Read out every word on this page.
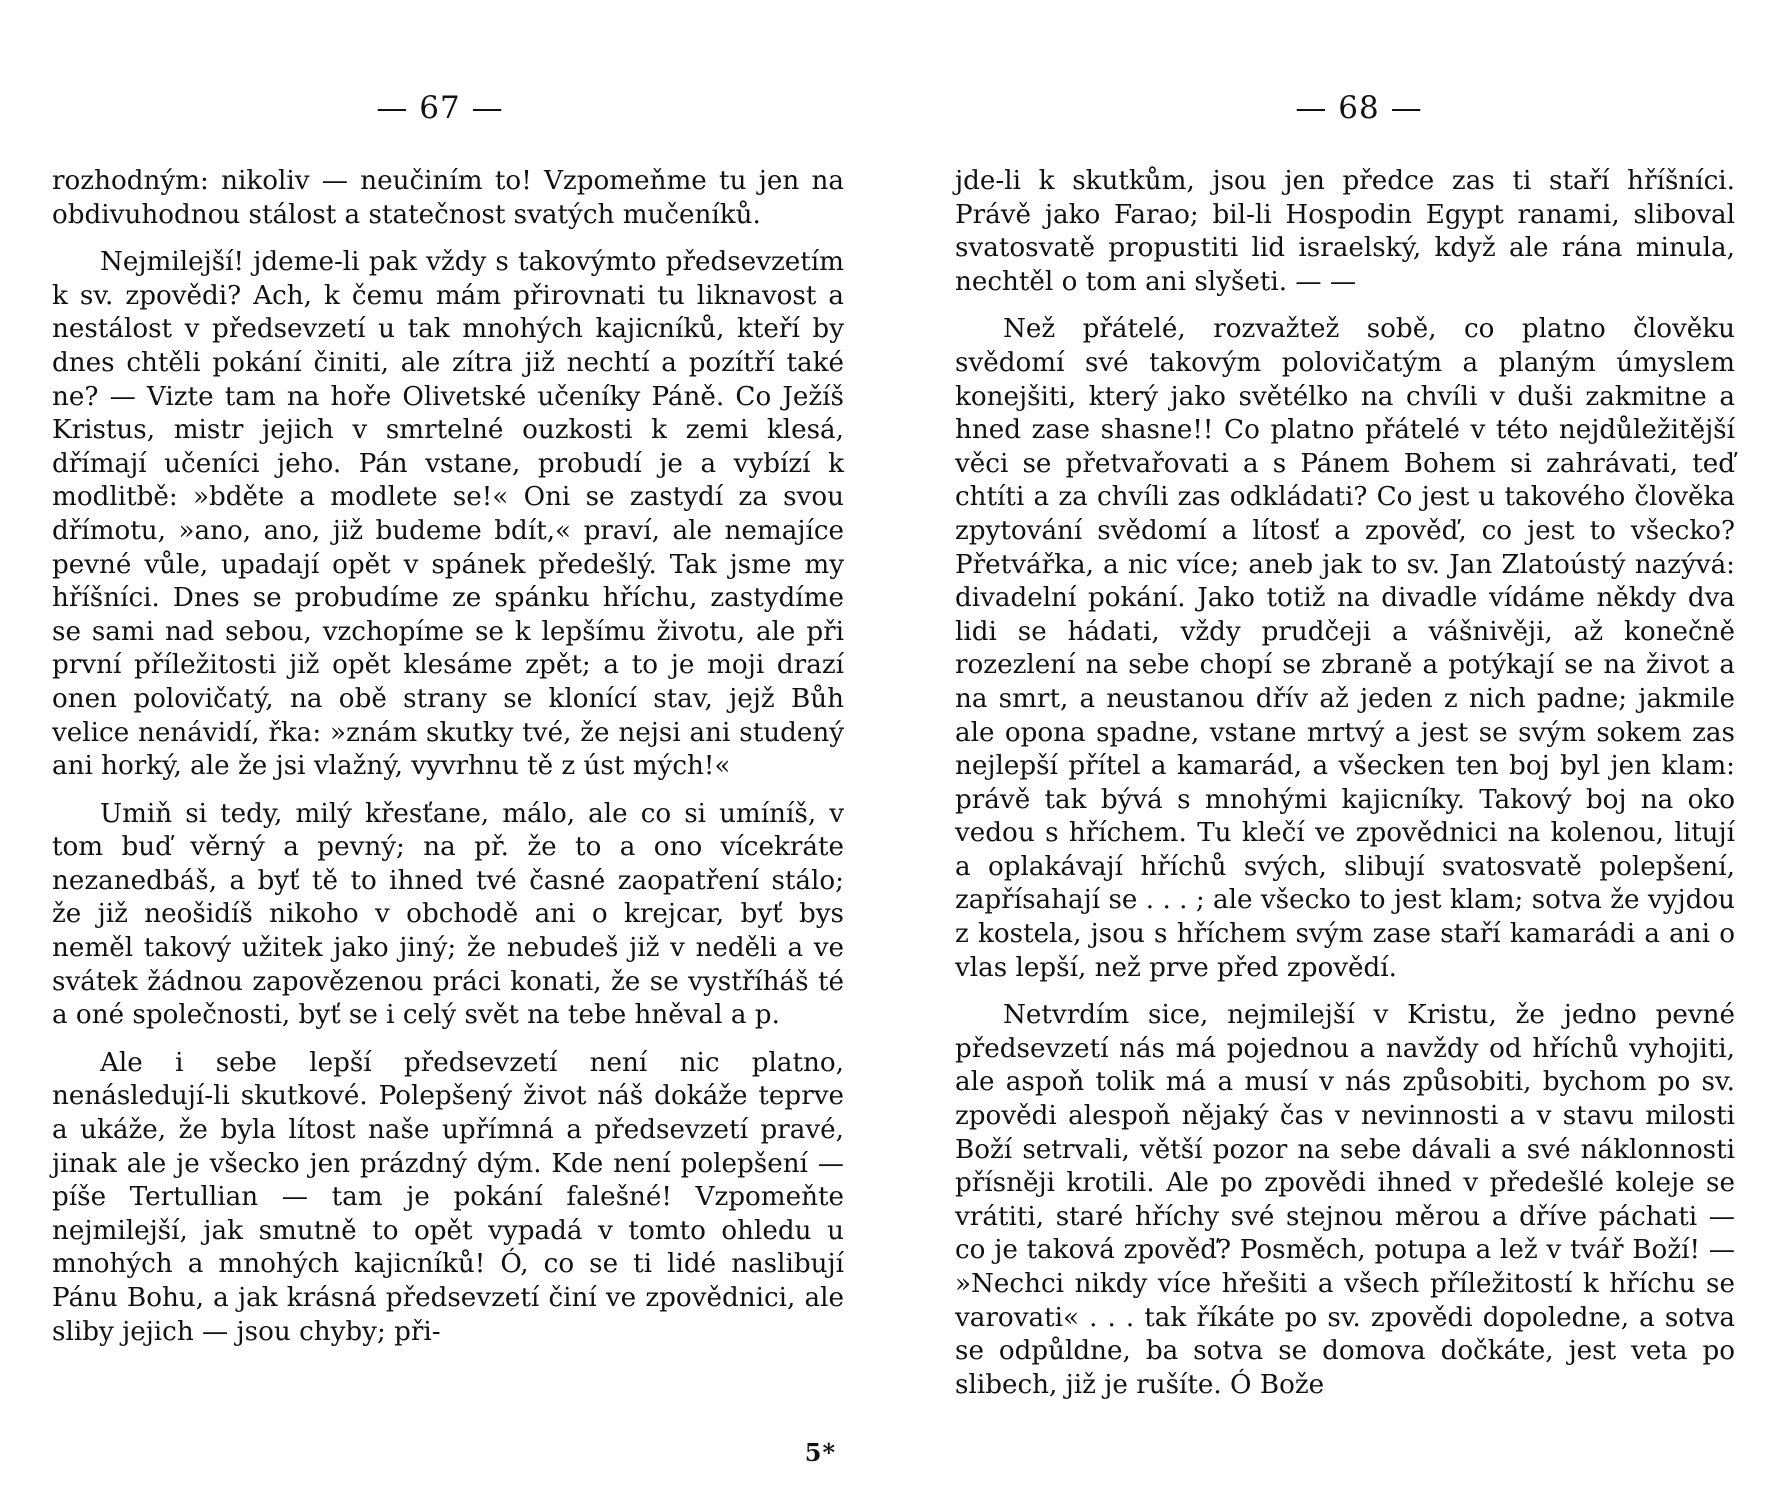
— 67 —

rozhodným: nikoliv — neučiním to! Vzpomeňme tu jen na obdivuhodnou stálost a statečnost svatých mučeníků.

Nejmilejší! jdeme-li pak vždy s takovýmto předsevzetím k sv. zpovědi? Ach, k čemu mám přirovnati tu liknavost a nestálost v předsevzetí u tak mnohých kajicníků, kteří by dnes chtěli pokání činiti, ale zítra již nechtí a pozítří také ne? — Vizte tam na hoře Olivetské učeníky Páně. Co Ježíš Kristus, mistr jejich v smrtelné ouzkosti k zemi klesá, dřímají učeníci jeho. Pán vstane, probudí je a vybízí k modlitbě: »bděte a modlete se!« Oni se zastydí za svou dřímotu, »ano, ano, již budeme bdít,« praví, ale nemajíce pevné vůle, upadají opět v spánek předešlý. Tak jsme my hříšníci. Dnes se probudíme ze spánku hříchu, zastydíme se sami nad sebou, vzchopíme se k lepšímu životu, ale při první příležitosti již opět klesáme zpět; a to je moji drazí onen polovičatý, na obě strany se klonící stav, jejž Bůh velice nenávidí, řka: »znám skutky tvé, že nejsi ani studený ani horký, ale že jsi vlažný, vyvrhnu tě z úst mých!«

Umiň si tedy, milý křesťane, málo, ale co si umíníš, v tom buď věrný a pevný; na př. že to a ono vícekráte nezanedbáš, a byť tě to ihned tvé časné zaopatření stálo; že již neošidíš nikoho v obchodě ani o krejcar, byť bys neměl takový užitek jako jiný; že nebudeš již v neděli a ve svátek žádnou zapovězenou práci konati, že se vystříháš té a oné společnosti, byť se i celý svět na tebe hněval a p.

Ale i sebe lepší předsevzetí není nic platno, nenásledují-li skutkové. Polepšený život náš dokáže teprve a ukáže, že byla lítost naše upřímná a předsevzetí pravé, jinak ale je všecko jen prázdný dým. Kde není polepšení — píše Tertullian — tam je pokání falešné! Vzpomeňte nejmilejší, jak smutně to opět vypadá v tomto ohledu u mnohých a mnohých kajicníků! Ó, co se ti lidé naslibují Pánu Bohu, a jak krásná předsevzetí činí ve zpovědnici, ale sliby jejich — jsou chyby; při-

5*
— 68 —

jde-li k skutkům, jsou jen předce zas ti staří hříšníci. Právě jako Farao; bil-li Hospodin Egypt ranami, sliboval svatosvatě propustiti lid israelský, když ale rána minula, nechtěl o tom ani slyšeti. — —

Než přátelé, rozvažtež sobě, co platno člověku svědomí své takovým polovičatým a planým úmyslem konejšiti, který jako světélko na chvíli v duši zakmitne a hned zase shasne!! Co platno přátelé v této nejdůležitější věci se přetvařovati a s Pánem Bohem si zahrávati, teď chtíti a za chvíli zas odkládati? Co jest u takového člověka zpytování svědomí a lítosť a zpověď, co jest to všecko? Přetvářka, a nic více; aneb jak to sv. Jan Zlatoústý nazývá: divadelní pokání. Jako totiž na divadle vídáme někdy dva lidi se hádati, vždy prudčeji a vášnivěji, až konečně rozezlení na sebe chopí se zbraně a potýkají se na život a na smrt, a neustanou dřív až jeden z nich padne; jakmile ale opona spadne, vstane mrtvý a jest se svým sokem zas nejlepší přítel a kamarád, a všecken ten boj byl jen klam: právě tak bývá s mnohými kajicníky. Takový boj na oko vedou s hříchem. Tu klečí ve zpovědnici na kolenou, litují a oplakávají hříchů svých, slibují svatosvatě polepšení, zapřísahají se . . . ; ale všecko to jest klam; sotva že vyjdou z kostela, jsou s hříchem svým zase staří kamarádi a ani o vlas lepší, než prve před zpovědí.

Netvrdím sice, nejmilejší v Kristu, že jedno pevné předsevzetí nás má pojednou a navždy od hříchů vyhojiti, ale aspoň tolik má a musí v nás způsobiti, bychom po sv. zpovědi alespoň nějaký čas v nevinnosti a v stavu milosti Boží setrvali, větší pozor na sebe dávali a své náklonnosti přísněji krotili. Ale po zpovědi ihned v předešlé koleje se vrátiti, staré hříchy své stejnou měrou a dříve páchati — co je taková zpověď? Posměch, potupa a lež v tvář Boží! — »Nechci nikdy více hřešiti a všech příležitostí k hříchu se varovati« . . . tak říkáte po sv. zpovědi dopoledne, a sotva se odpůldne, ba sotva se domova dočkáte, jest veta po slibech, již je rušíte. Ó Bože
